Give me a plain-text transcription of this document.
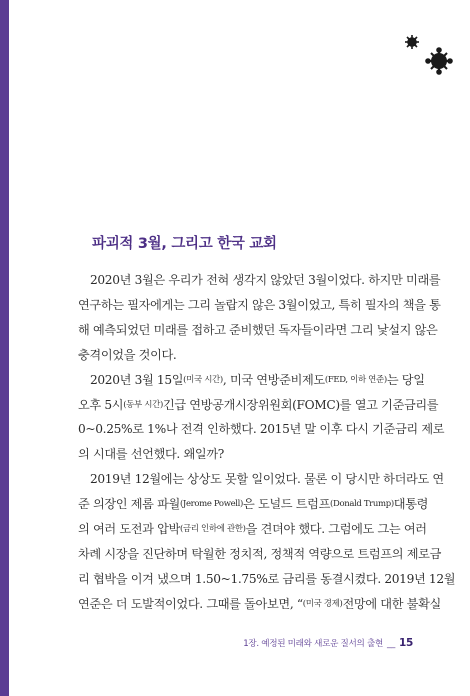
파괴적 3월, 그리고 한국 교회
2020년 3월은 우리가 전혀 생각지 않았던 3월이었다. 하지만 미래를
연구하는 필자에게는 그리 놀랍지 않은 3월이었고, 특히 필자의 책을 통
해 예측되었던 미래를 접하고 준비했던 독자들이라면 그리 낯설지 않은
충격이었을 것이다.
2020년 3월 15일 (미국 시간) , 미국 연방준비제도 (FED, 이하 연준) 는 당일
오후 5시 (동부 시간) 긴급 연방공개시장위원회(FOMC)를 열고 기준금리를
0~0.25%로 1%나 전격 인하했다. 2015년 말 이후 다시 기준금리 제로
의 시대를 선언했다. 왜일까?
2019년 12월에는 상상도 못할 일이었다. 물론 이 당시만 하더라도 연
준 의장인 제롬 파월 (Jerome Powell) 은 도널드 트럼프 (Donald Trump) 대통령
의 여러 도전과 압박 (금리 인하에 관한) 을 견뎌야 했다. 그럼에도 그는 여러
차례 시장을 진단하며 탁월한 정치적, 정책적 역량으로 트럼프의 제로금
리 협박을 이겨 냈으며 1.50~1.75%로 금리를 동결시켰다. 2019년 12월
연준은 더 도발적이었다. 그때를 돌아보면, “ (미국 경제) 전망에 대한 불확실
1장. 예정된 미래와 새로운 질서의 출현 __ 15
